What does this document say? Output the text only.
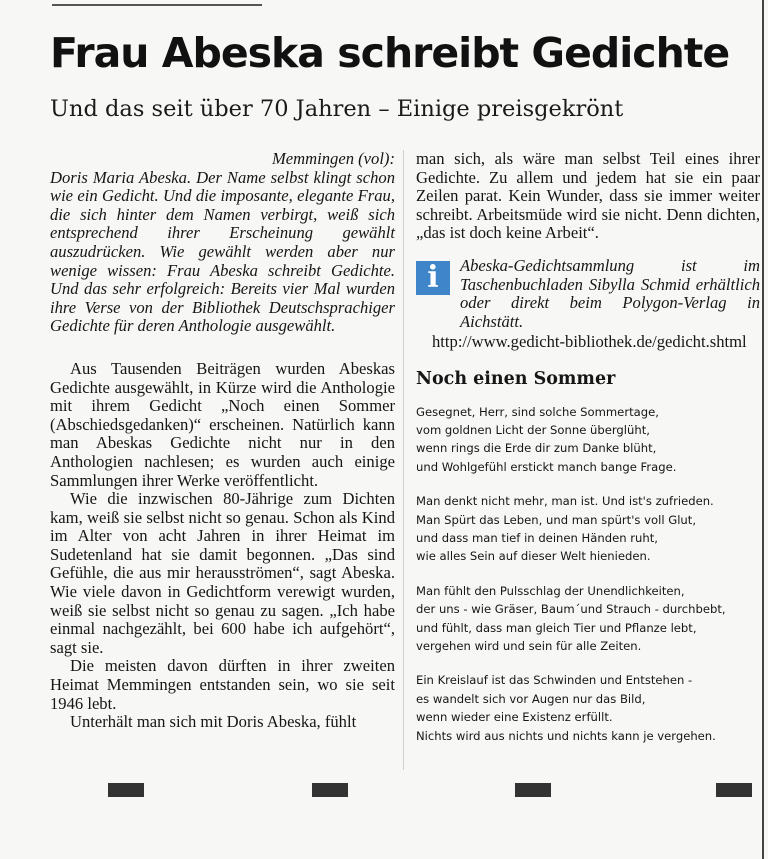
Frau Abeska schreibt Gedichte
Und das seit über 70 Jahren – Einige preisgekrönt

Memmingen (vol):
Doris Maria Abeska. Der Name selbst klingt schon wie ein Gedicht. Und die imposante, elegante Frau, die sich hinter dem Namen verbirgt, weiß sich entsprechend ihrer Erscheinung gewählt auszudrücken. Wie gewählt werden aber nur wenige wissen: Frau Abeska schreibt Gedichte. Und das sehr erfolgreich: Bereits vier Mal wurden ihre Verse von der Bibliothek Deutschsprachiger Gedichte für deren Anthologie ausgewählt.

Aus Tausenden Beiträgen wurden Abeskas Gedichte ausgewählt, in Kürze wird die Anthologie mit ihrem Gedicht „Noch einen Sommer (Abschiedsgedanken)“ erscheinen. Natürlich kann man Abeskas Gedichte nicht nur in den Anthologien nachlesen; es wurden auch einige Sammlungen ihrer Werke veröffentlicht.

Wie die inzwischen 80-Jährige zum Dichten kam, weiß sie selbst nicht so genau. Schon als Kind im Alter von acht Jahren in ihrer Heimat im Sudetenland hat sie damit begonnen. „Das sind Gefühle, die aus mir herausströmen“, sagt Abeska. Wie viele davon in Gedichtform verewigt wurden, weiß sie selbst nicht so genau zu sagen. „Ich habe einmal nachgezählt, bei 600 habe ich aufgehört“, sagt sie.

Die meisten davon dürften in ihrer zweiten Heimat Memmingen entstanden sein, wo sie seit 1946 lebt.

Unterhält man sich mit Doris Abeska, fühlt

man sich, als wäre man selbst Teil eines ihrer Gedichte. Zu allem und jedem hat sie ein paar Zeilen parat. Kein Wunder, dass sie immer weiter schreibt. Arbeitsmüde wird sie nicht. Denn dichten, „das ist doch keine Arbeit“.

i	Abeska-Gedichtsammlung ist im Taschenbuchladen Sibylla Schmid erhältlich oder direkt beim Polygon-Verlag in Aichstätt.
http://www.gedicht-bibliothek.de/gedicht.shtml
Noch einen Sommer
Gesegnet, Herr, sind solche Sommertage,
vom goldnen Licht der Sonne überglüht,
wenn rings die Erde dir zum Danke blüht,
und Wohlgefühl erstickt manch bange Frage.
Man denkt nicht mehr, man ist. Und ist's zufrieden.
Man Spürt das Leben, und man spürt's voll Glut,
und dass man tief in deinen Händen ruht,
wie alles Sein auf dieser Welt hienieden.
Man fühlt den Pulsschlag der Unendlichkeiten,
der uns - wie Gräser, Baum´und Strauch - durchbebt,
und fühlt, dass man gleich Tier und Pflanze lebt,
vergehen wird und sein für alle Zeiten.
Ein Kreislauf ist das Schwinden und Entstehen -
es wandelt sich vor Augen nur das Bild,
wenn wieder eine Existenz erfüllt.
Nichts wird aus nichts und nichts kann je vergehen.
